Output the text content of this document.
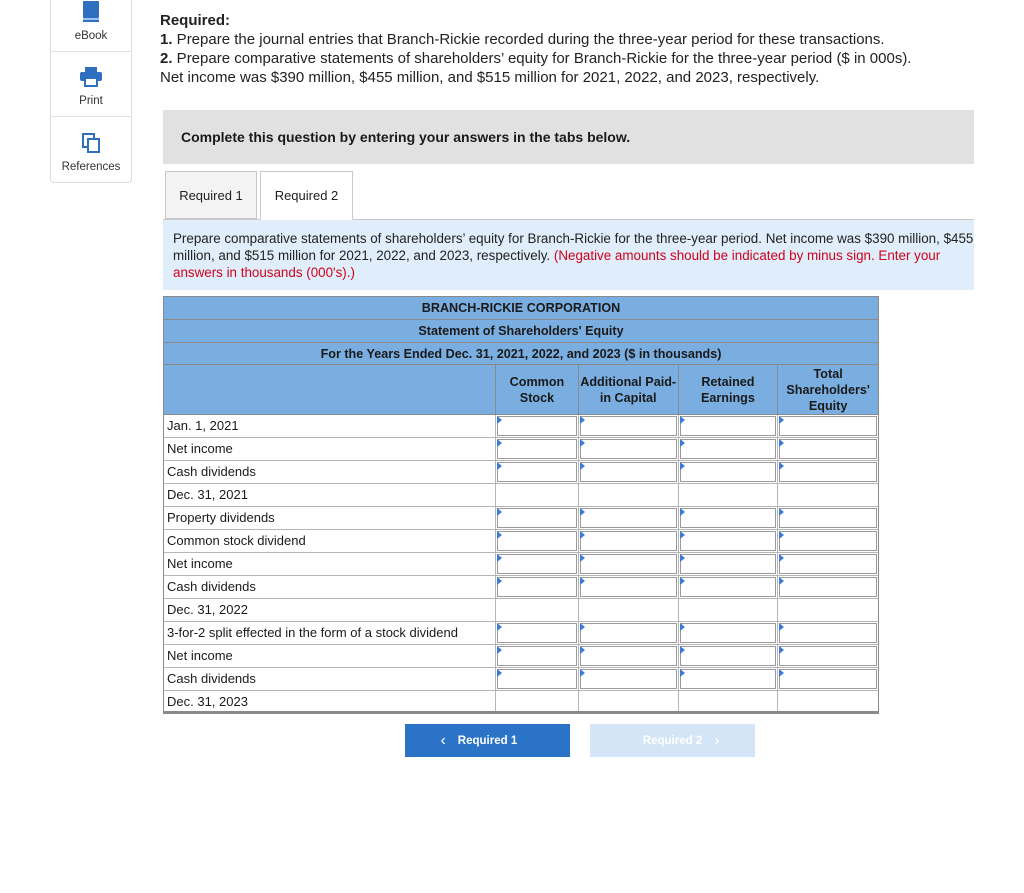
eBook
Print
References
Required:
1. Prepare the journal entries that Branch-Rickie recorded during the three-year period for these transactions.
2. Prepare comparative statements of shareholders’ equity for Branch-Rickie for the three-year period ($ in 000s).
Net income was $390 million, $455 million, and $515 million for 2021, 2022, and 2023, respectively.
Complete this question by entering your answers in the tabs below.
Required 1	Required 2
Prepare comparative statements of shareholders’ equity for Branch-Rickie for the three-year period. Net income was $390 million, $455 million, and $515 million for 2021, 2022, and 2023, respectively. (Negative amounts should be indicated by minus sign. Enter your answers in thousands (000's).)
BRANCH-RICKIE CORPORATION
Statement of Shareholders' Equity
For the Years Ended Dec. 31, 2021, 2022, and 2023 ($ in thousands)
Common Stock
Additional Paid-in Capital
Retained Earnings
Total Shareholders' Equity
Jan. 1, 2021
Net income
Cash dividends
Dec. 31, 2021
Property dividends
Common stock dividend
Net income
Cash dividends
Dec. 31, 2022
3-for-2 split effected in the form of a stock dividend
Net income
Cash dividends
Dec. 31, 2023
‹ Required 1	Required 2 ›
